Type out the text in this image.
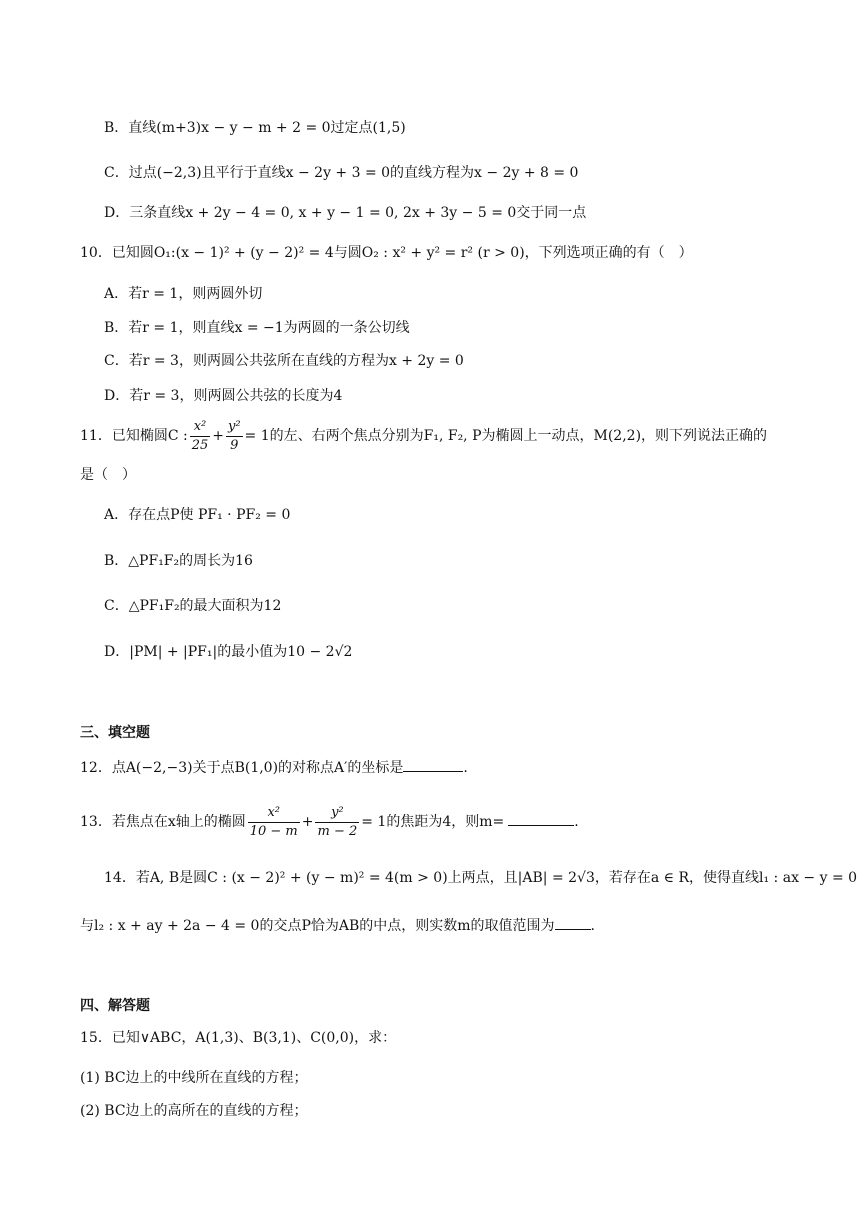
B．直线(m+3)x − y − m + 2 = 0过定点(1,5)
C．过点(−2,3)且平行于直线x − 2y + 3 = 0的直线方程为x − 2y + 8 = 0
D．三条直线x + 2y − 4 = 0, x + y − 1 = 0, 2x + 3y − 5 = 0交于同一点
10．已知圆O₁:(x − 1)² + (y − 2)² = 4与圆O₂ : x² + y² = r² (r > 0)，下列选项正确的有（　）
A．若r = 1，则两圆外切
B．若r = 1，则直线x = −1为两圆的一条公切线
C．若r = 3，则两圆公共弦所在直线的方程为x + 2y = 0
D．若r = 3，则两圆公共弦的长度为4
11．已知椭圆C : $\frac{\text{x²}}{25} + \frac{\text{y²}}{9} = 1$的左、右两个焦点分别为F₁, F₂, P为椭圆上一动点，M(2,2)，则下列说法正确的
是（　）
A．存在点P使 PF₁ · PF₂ = 0
B．△PF₁F₂的周长为16
C．△PF₁F₂的最大面积为12
D．|PM| + |PF₁|的最小值为10 − 2√2
三、填空题
12．点A(−2,−3)关于点B(1,0)的对称点A′的坐标是	.
13．若焦点在x轴上的椭圆 $\frac{\text{x²}}{10 - m} + \frac{\text{y²}}{m - 2} = 1$的焦距为4，则m=	.
14．若A, B是圆C : (x − 2)² + (y − m)² = 4(m > 0)上两点，且|AB| = 2√3，若存在a ∈ R，使得直线l₁ : ax − y = 0
与l₂ : x + ay + 2a − 4 = 0的交点P恰为AB的中点，则实数m的取值范围为	.
四、解答题
15．已知∨ABC，A(1,3)、B(3,1)、C(0,0)，求：
(1) BC边上的中线所在直线的方程；
(2) BC边上的高所在的直线的方程；
